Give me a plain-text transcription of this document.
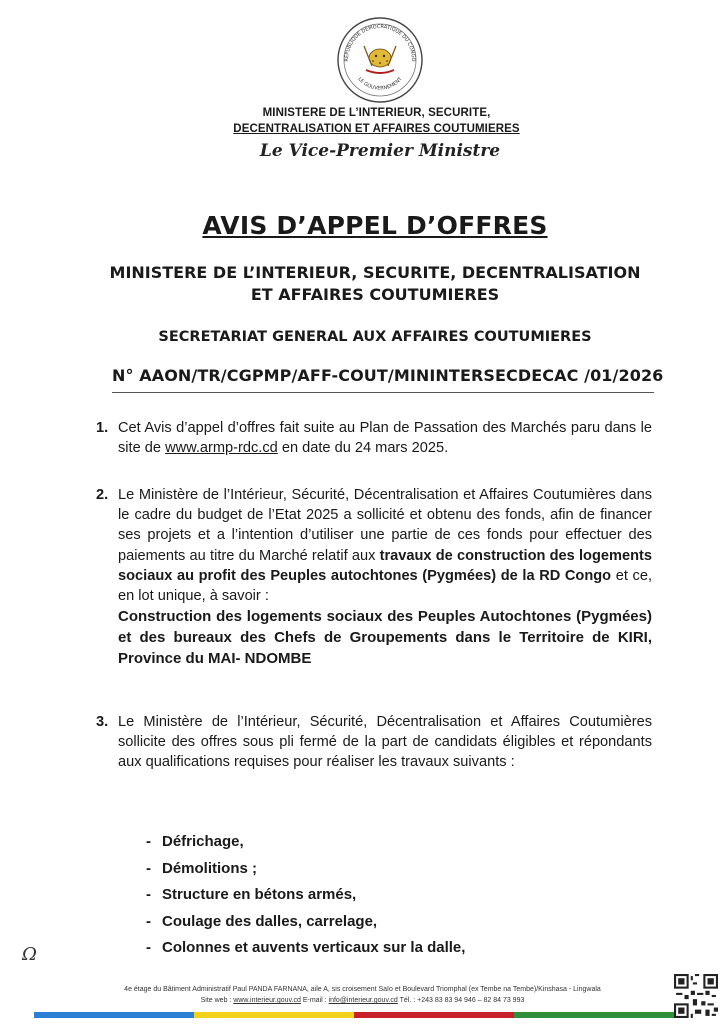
RÉPUBLIQUE DÉMOCRATIQUE DU CONGO
LE GOUVERNEMENT
MINISTERE DE L’INTERIEUR, SECURITE,
DECENTRALISATION ET AFFAIRES COUTUMIERES
Le Vice-Premier Ministre
AVIS D’APPEL D’OFFRES
MINISTERE DE L’INTERIEUR, SECURITE, DECENTRALISATION
ET AFFAIRES COUTUMIERES
SECRETARIAT GENERAL AUX AFFAIRES COUTUMIERES
N° AAON/TR/CGPMP/AFF-COUT/MININTERSECDECAC /01/2026
1. Cet Avis d’appel d’offres fait suite au Plan de Passation des Marchés paru dans le site de www.armp-rdc.cd en date du 24 mars 2025.
2. Le Ministère de l’Intérieur, Sécurité, Décentralisation et Affaires Coutumières dans le cadre du budget de l’Etat 2025 a sollicité et obtenu des fonds, afin de financer ses projets et a l’intention d’utiliser une partie de ces fonds pour effectuer des paiements au titre du Marché relatif aux travaux de construction des logements sociaux au profit des Peuples autochtones (Pygmées) de la RD Congo et ce, en lot unique, à savoir :
Construction des logements sociaux des Peuples Autochtones (Pygmées) et des bureaux des Chefs de Groupements dans le Territoire de KIRI, Province du MAI- NDOMBE
3. Le Ministère de l’Intérieur, Sécurité, Décentralisation et Affaires Coutumières sollicite des offres sous pli fermé de la part de candidats éligibles et répondants aux qualifications requises pour réaliser les travaux suivants :
- Défrichage,
- Démolitions ;
- Structure en bétons armés,
- Coulage des dalles, carrelage,
- Colonnes et auvents verticaux sur la dalle,
Ω
4e étage du Bâtiment Administratif Paul PANDA FARNANA, aile A, sis croisement Saïo et Boulevard Triomphal (ex Tembe na Tembe)/Kinshasa - Lingwala
Site web : www.interieur.gouv.cd E-mail : info@interieur.gouv.cd Tél. : +243 83 83 94 946 – 82 84 73 993
